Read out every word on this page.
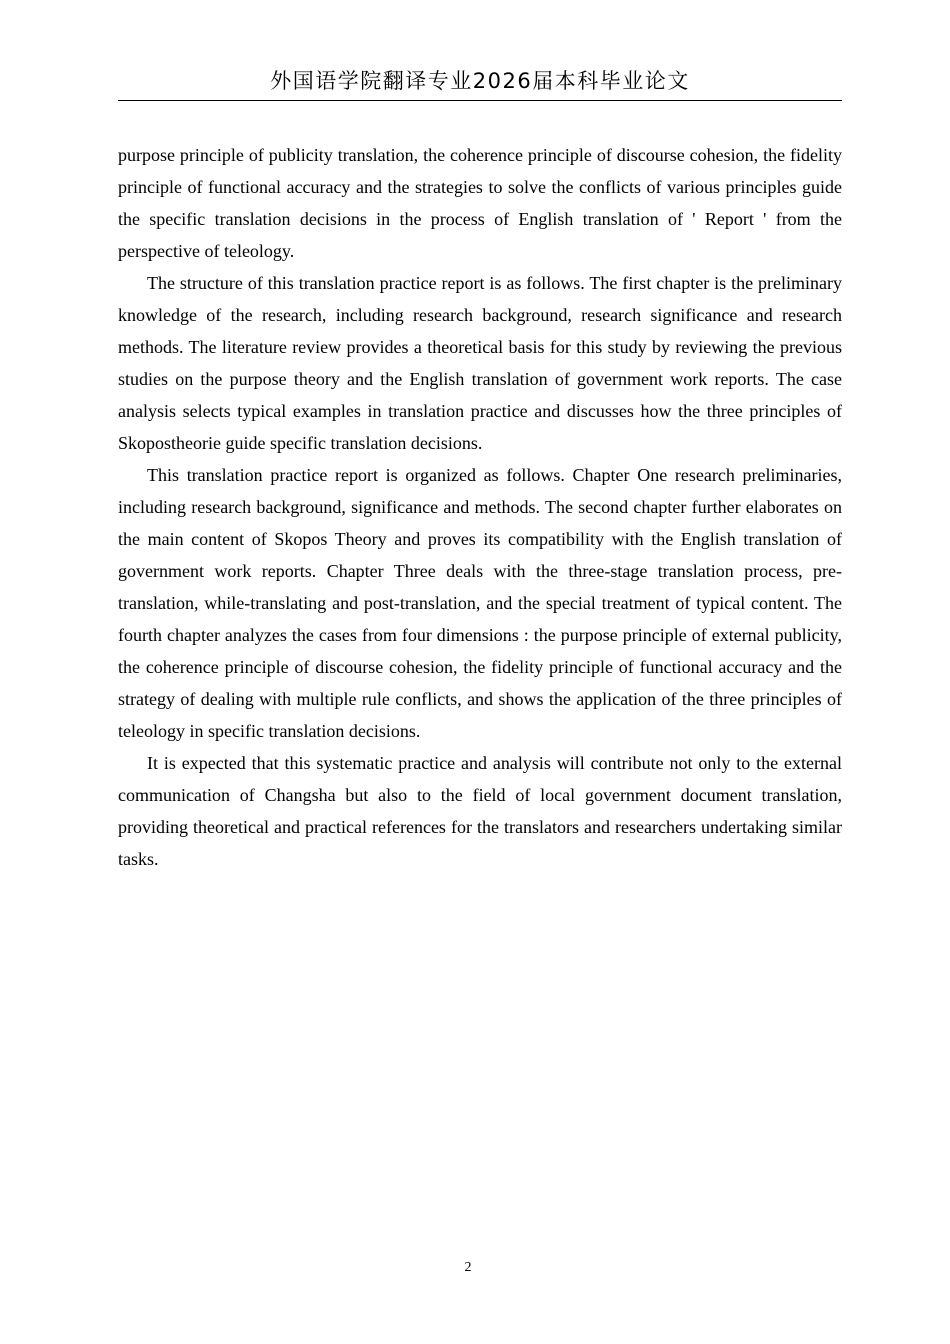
外国语学院翻译专业2026届本科毕业论文

purpose principle of publicity translation, the coherence principle of discourse cohesion, the fidelity principle of functional accuracy and the strategies to solve the conflicts of various principles guide the specific translation decisions in the process of English translation of ' Report ' from the perspective of teleology.

The structure of this translation practice report is as follows. The first chapter is the preliminary knowledge of the research, including research background, research significance and research methods. The literature review provides a theoretical basis for this study by reviewing the previous studies on the purpose theory and the English translation of government work reports. The case analysis selects typical examples in translation practice and discusses how the three principles of Skopostheorie guide specific translation decisions.

This translation practice report is organized as follows. Chapter One research preliminaries, including research background, significance and methods. The second chapter further elaborates on the main content of Skopos Theory and proves its compatibility with the English translation of government work reports. Chapter Three deals with the three-stage translation process, pre-translation, while-translating and post-translation, and the special treatment of typical content. The fourth chapter analyzes the cases from four dimensions : the purpose principle of external publicity, the coherence principle of discourse cohesion, the fidelity principle of functional accuracy and the strategy of dealing with multiple rule conflicts, and shows the application of the three principles of teleology in specific translation decisions.

It is expected that this systematic practice and analysis will contribute not only to the external communication of Changsha but also to the field of local government document translation, providing theoretical and practical references for the translators and researchers undertaking similar tasks.

2
